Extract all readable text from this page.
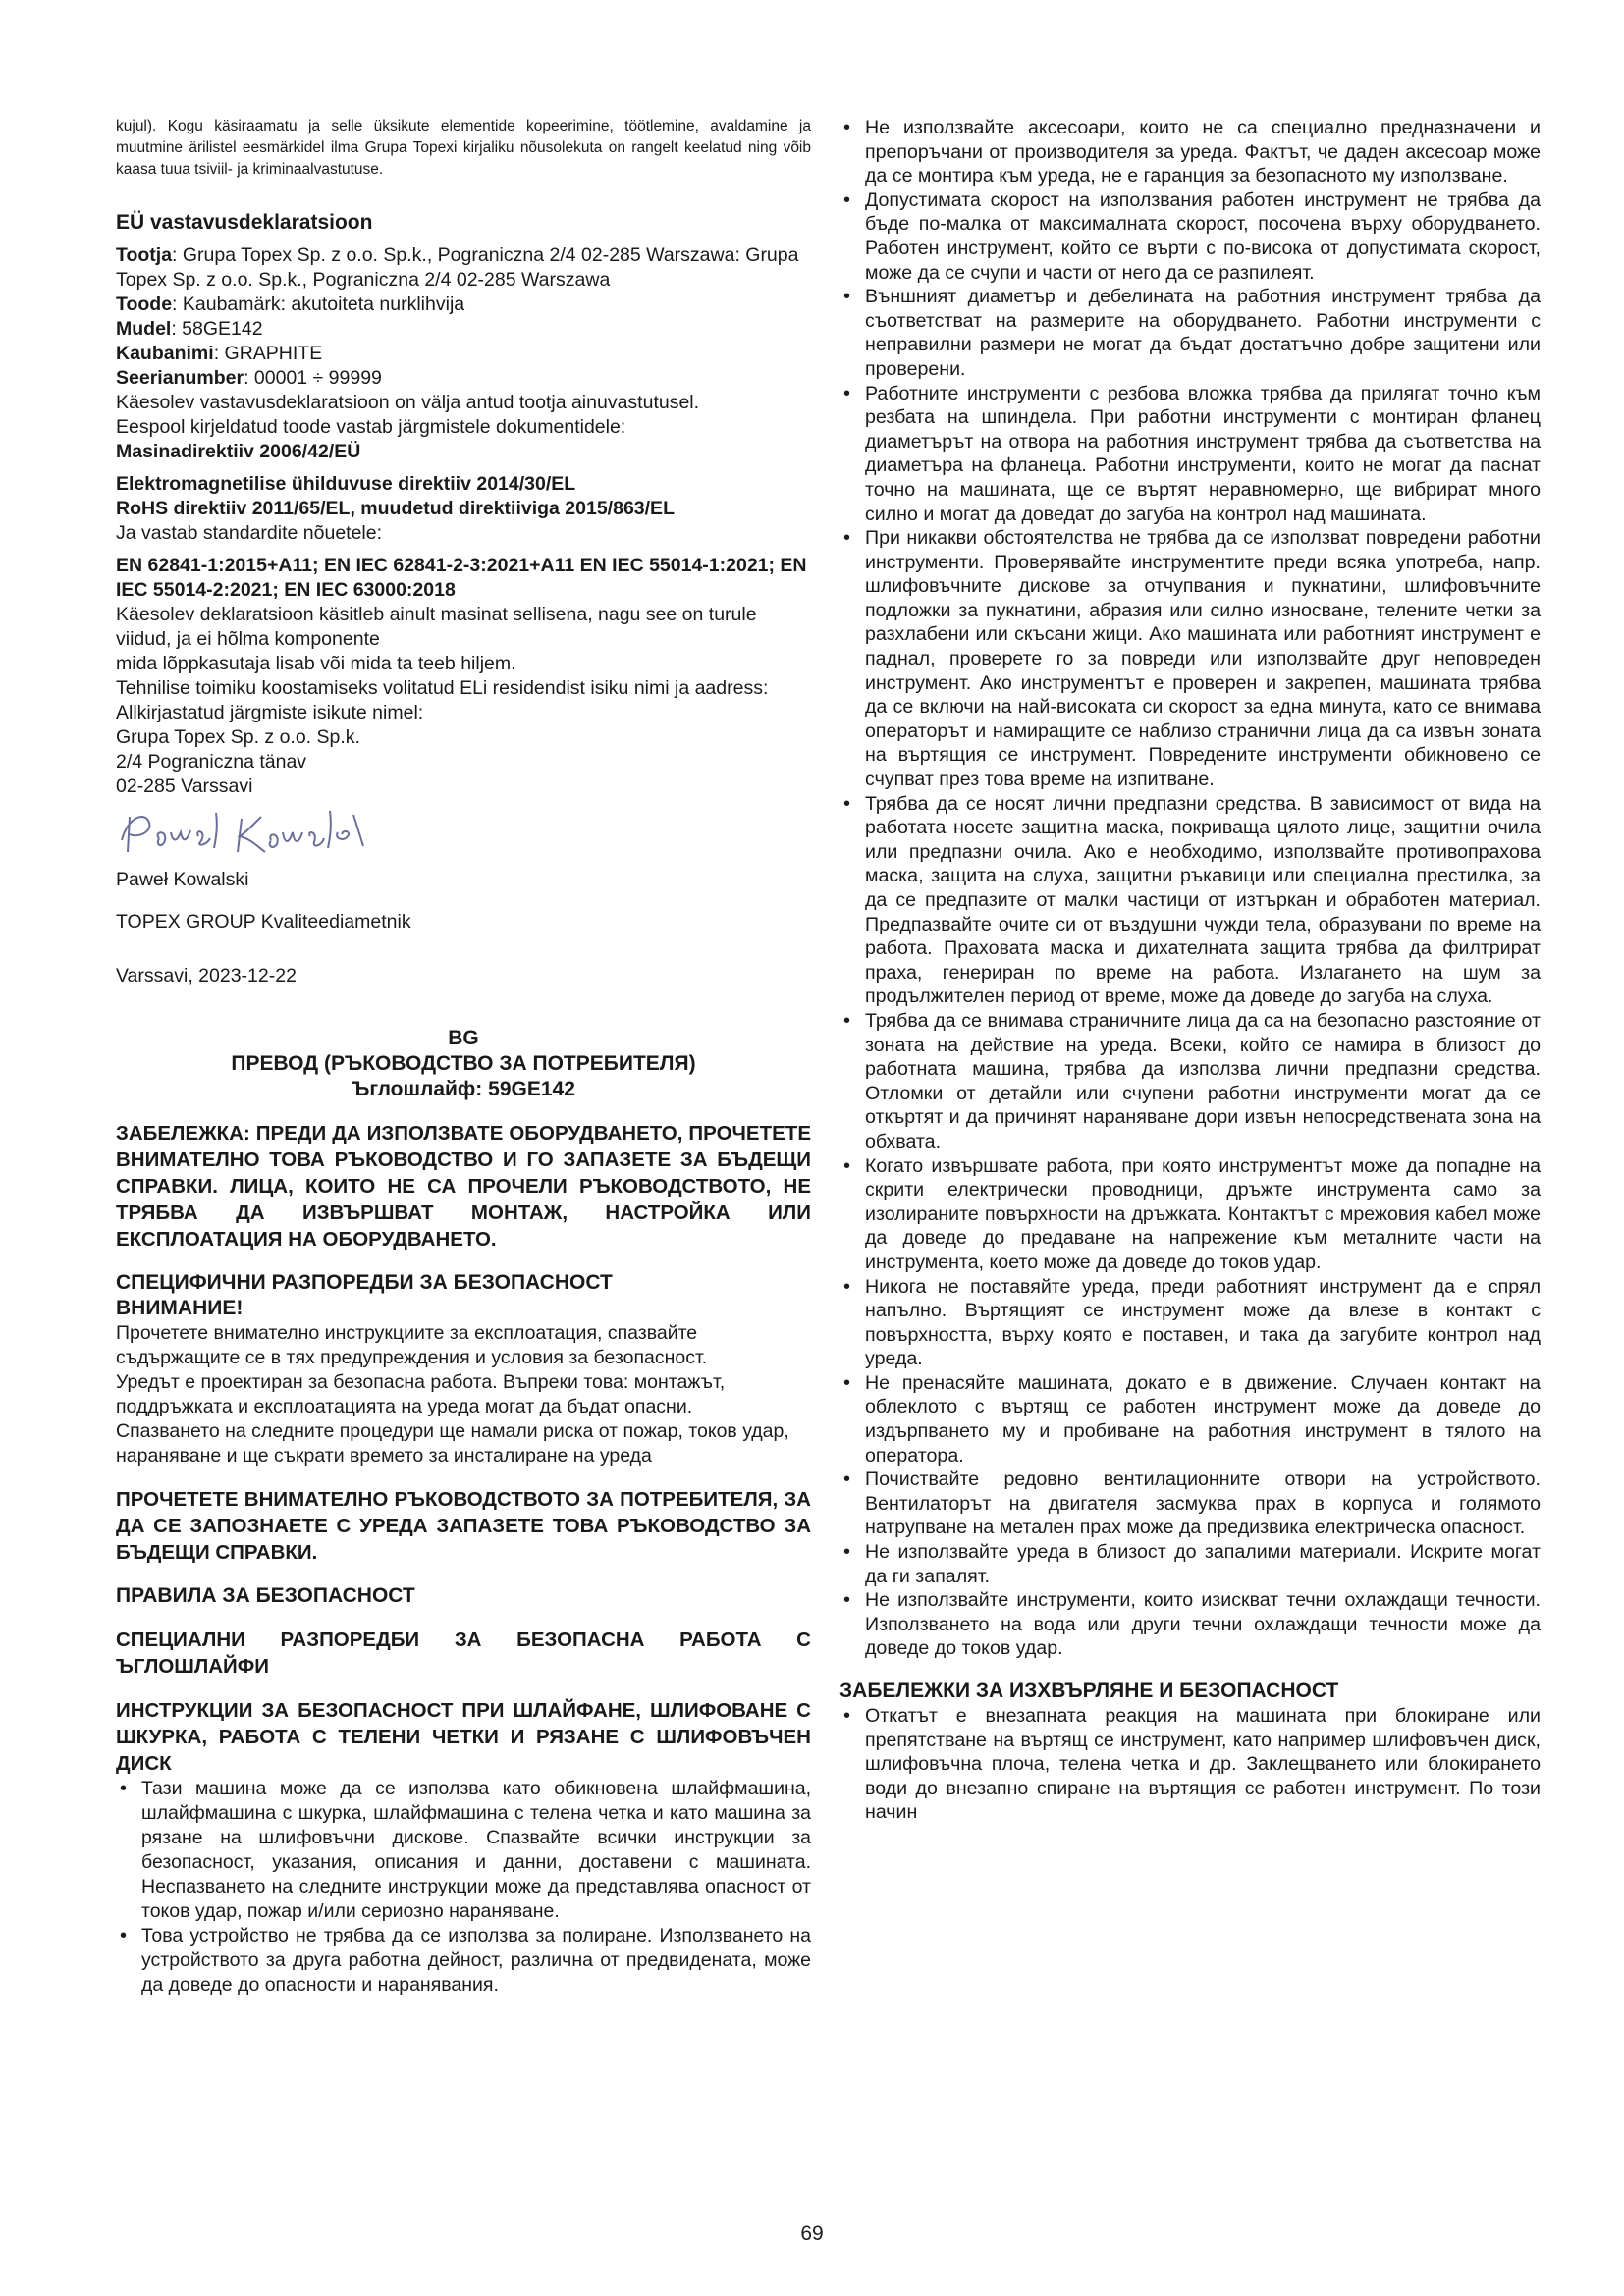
kujul). Kogu käsiraamatu ja selle üksikute elementide kopeerimine, töötlemine, avaldamine ja muutmine ärilistel eesmärkidel ilma Grupa Topexi kirjaliku nõusolekuta on rangelt keelatud ning võib kaasa tuua tsiviil- ja kriminaalvastutuse.

EÜ vastavusdeklaratsioon

Tootja: Grupa Topex Sp. z o.o. Sp.k., Pograniczna 2/4 02-285 Warszawa: Grupa Topex Sp. z o.o. Sp.k., Pograniczna 2/4 02-285 Warszawa

Toode: Kaubamärk: akutoiteta nurklihvija

Mudel: 58GE142

Kaubanimi: GRAPHITE

Seerianumber: 00001 ÷ 99999

Käesolev vastavusdeklaratsioon on välja antud tootja ainuvastutusel.

Eespool kirjeldatud toode vastab järgmistele dokumentidele:

Masinadirektiiv 2006/42/EÜ

Elektromagnetilise ühilduvuse direktiiv 2014/30/EL

RoHS direktiiv 2011/65/EL, muudetud direktiiviga 2015/863/EL

Ja vastab standardite nõuetele:

EN 62841-1:2015+A11; EN IEC 62841-2-3:2021+A11 EN IEC 55014-1:2021; EN IEC 55014-2:2021; EN IEC 63000:2018

Käesolev deklaratsioon käsitleb ainult masinat sellisena, nagu see on turule viidud, ja ei hõlma komponente

mida lõppkasutaja lisab või mida ta teeb hiljem.

Tehnilise toimiku koostamiseks volitatud ELi residendist isiku nimi ja aadress:

Allkirjastatud järgmiste isikute nimel:

Grupa Topex Sp. z o.o. Sp.k.

2/4 Pograniczna tänav

02-285 Varssavi

Paweł Kowalski

TOPEX GROUP Kvaliteediametnik

Varssavi, 2023-12-22

BG

ПРЕВОД (РЪКОВОДСТВО ЗА ПОТРЕБИТЕЛЯ)

Ъглошлайф: 59GE142

ЗАБЕЛЕЖКА: ПРЕДИ ДА ИЗПОЛЗВАТЕ ОБОРУДВАНЕТО, ПРОЧЕТЕТЕ ВНИМАТЕЛНО ТОВА РЪКОВОДСТВО И ГО ЗАПАЗЕТЕ ЗА БЪДЕЩИ СПРАВКИ. ЛИЦА, КОИТО НЕ СА ПРОЧЕЛИ РЪКОВОДСТВОТО, НЕ ТРЯБВА ДА ИЗВЪРШВАТ МОНТАЖ, НАСТРОЙКА ИЛИ ЕКСПЛОАТАЦИЯ НА ОБОРУДВАНЕТО.

СПЕЦИФИЧНИ РАЗПОРЕДБИ ЗА БЕЗОПАСНОСТ

ВНИМАНИЕ!

Прочетете внимателно инструкциите за експлоатация, спазвайте съдържащите се в тях предупреждения и условия за безопасност.

Уредът е проектиран за безопасна работа. Въпреки това: монтажът, поддръжката и експлоатацията на уреда могат да бъдат опасни.

Спазването на следните процедури ще намали риска от пожар, токов удар, нараняване и ще съкрати времето за инсталиране на уреда

ПРОЧЕТЕТЕ ВНИМАТЕЛНО РЪКОВОДСТВОТО ЗА ПОТРЕБИТЕЛЯ, ЗА ДА СЕ ЗАПОЗНАЕТЕ С УРЕДА ЗАПАЗЕТЕ ТОВА РЪКОВОДСТВО ЗА БЪДЕЩИ СПРАВКИ.

ПРАВИЛА ЗА БЕЗОПАСНОСТ

СПЕЦИАЛНИ РАЗПОРЕДБИ ЗА БЕЗОПАСНА РАБОТА С ЪГЛОШЛАЙФИ

ИНСТРУКЦИИ ЗА БЕЗОПАСНОСТ ПРИ ШЛАЙФАНЕ, ШЛИФОВАНЕ С ШКУРКА, РАБОТА С ТЕЛЕНИ ЧЕТКИ И РЯЗАНЕ С ШЛИФОВЪЧЕН ДИСК

• Тази машина може да се използва като обикновена шлайфмашина, шлайфмашина с шкурка, шлайфмашина с телена четка и като машина за рязане на шлифовъчни дискове. Спазвайте всички инструкции за безопасност, указания, описания и данни, доставени с машината. Неспазването на следните инструкции може да представлява опасност от токов удар, пожар и/или сериозно нараняване.
• Това устройство не трябва да се използва за полиране. Използването на устройството за друга работна дейност, различна от предвидената, може да доведе до опасности и наранявания.
• Не използвайте аксесоари, които не са специално предназначени и препоръчани от производителя за уреда. Фактът, че даден аксесоар може да се монтира към уреда, не е гаранция за безопасното му използване.
• Допустимата скорост на използвания работен инструмент не трябва да бъде по-малка от максималната скорост, посочена върху оборудването. Работен инструмент, който се върти с по-висока от допустимата скорост, може да се счупи и части от него да се разпилеят.
• Външният диаметър и дебелината на работния инструмент трябва да съответстват на размерите на оборудването. Работни инструменти с неправилни размери не могат да бъдат достатъчно добре защитени или проверени.
• Работните инструменти с резбова вложка трябва да прилягат точно към резбата на шпиндела. При работни инструменти с монтиран фланец диаметърът на отвора на работния инструмент трябва да съответства на диаметъра на фланеца. Работни инструменти, които не могат да паснат точно на машината, ще се въртят неравномерно, ще вибрират много силно и могат да доведат до загуба на контрол над машината.
• При никакви обстоятелства не трябва да се използват повредени работни инструменти. Проверявайте инструментите преди всяка употреба, напр. шлифовъчните дискове за отчупвания и пукнатини, шлифовъчните подложки за пукнатини, абразия или силно износване, телените четки за разхлабени или скъсани жици. Ако машината или работният инструмент е паднал, проверете го за повреди или използвайте друг неповреден инструмент. Ако инструментът е проверен и закрепен, машината трябва да се включи на най-високата си скорост за една минута, като се внимава операторът и намиращите се наблизо странични лица да са извън зоната на въртящия се инструмент. Повредените инструменти обикновено се счупват през това време на изпитване.
• Трябва да се носят лични предпазни средства. В зависимост от вида на работата носете защитна маска, покриваща цялото лице, защитни очила или предпазни очила. Ако е необходимо, използвайте противопрахова маска, защита на слуха, защитни ръкавици или специална престилка, за да се предпазите от малки частици от изтъркан и обработен материал. Предпазвайте очите си от въздушни чужди тела, образувани по време на работа. Праховата маска и дихателната защита трябва да филтрират праха, генериран по време на работа. Излагането на шум за продължителен период от време, може да доведе до загуба на слуха.
• Трябва да се внимава страничните лица да са на безопасно разстояние от зоната на действие на уреда. Всеки, който се намира в близост до работната машина, трябва да използва лични предпазни средства. Отломки от детайли или счупени работни инструменти могат да се откъртят и да причинят нараняване дори извън непосредствената зона на обхвата.
• Когато извършвате работа, при която инструментът може да попадне на скрити електрически проводници, дръжте инструмента само за изолираните повърхности на дръжката. Контактът с мрежовия кабел може да доведе до предаване на напрежение към металните части на инструмента, което може да доведе до токов удар.
• Никога не поставяйте уреда, преди работният инструмент да е спрял напълно. Въртящият се инструмент може да влезе в контакт с повърхността, върху която е поставен, и така да загубите контрол над уреда.
• Не пренасяйте машината, докато е в движение. Случаен контакт на облеклото с въртящ се работен инструмент може да доведе до издърпването му и пробиване на работния инструмент в тялото на оператора.
• Почиствайте редовно вентилационните отвори на устройството. Вентилаторът на двигателя засмуква прах в корпуса и голямото натрупване на метален прах може да предизвика електрическа опасност.
• Не използвайте уреда в близост до запалими материали. Искрите могат да ги запалят.
• Не използвайте инструменти, които изискват течни охлаждащи течности. Използването на вода или други течни охлаждащи течности може да доведе до токов удар.

ЗАБЕЛЕЖКИ ЗА ИЗХВЪРЛЯНЕ И БЕЗОПАСНОСТ

• Откатът е внезапната реакция на машината при блокиране или препятстване на въртящ се инструмент, като например шлифовъчен диск, шлифовъчна плоча, телена четка и др. Заклещването или блокирането води до внезапно спиране на въртящия се работен инструмент. По този начин
69
